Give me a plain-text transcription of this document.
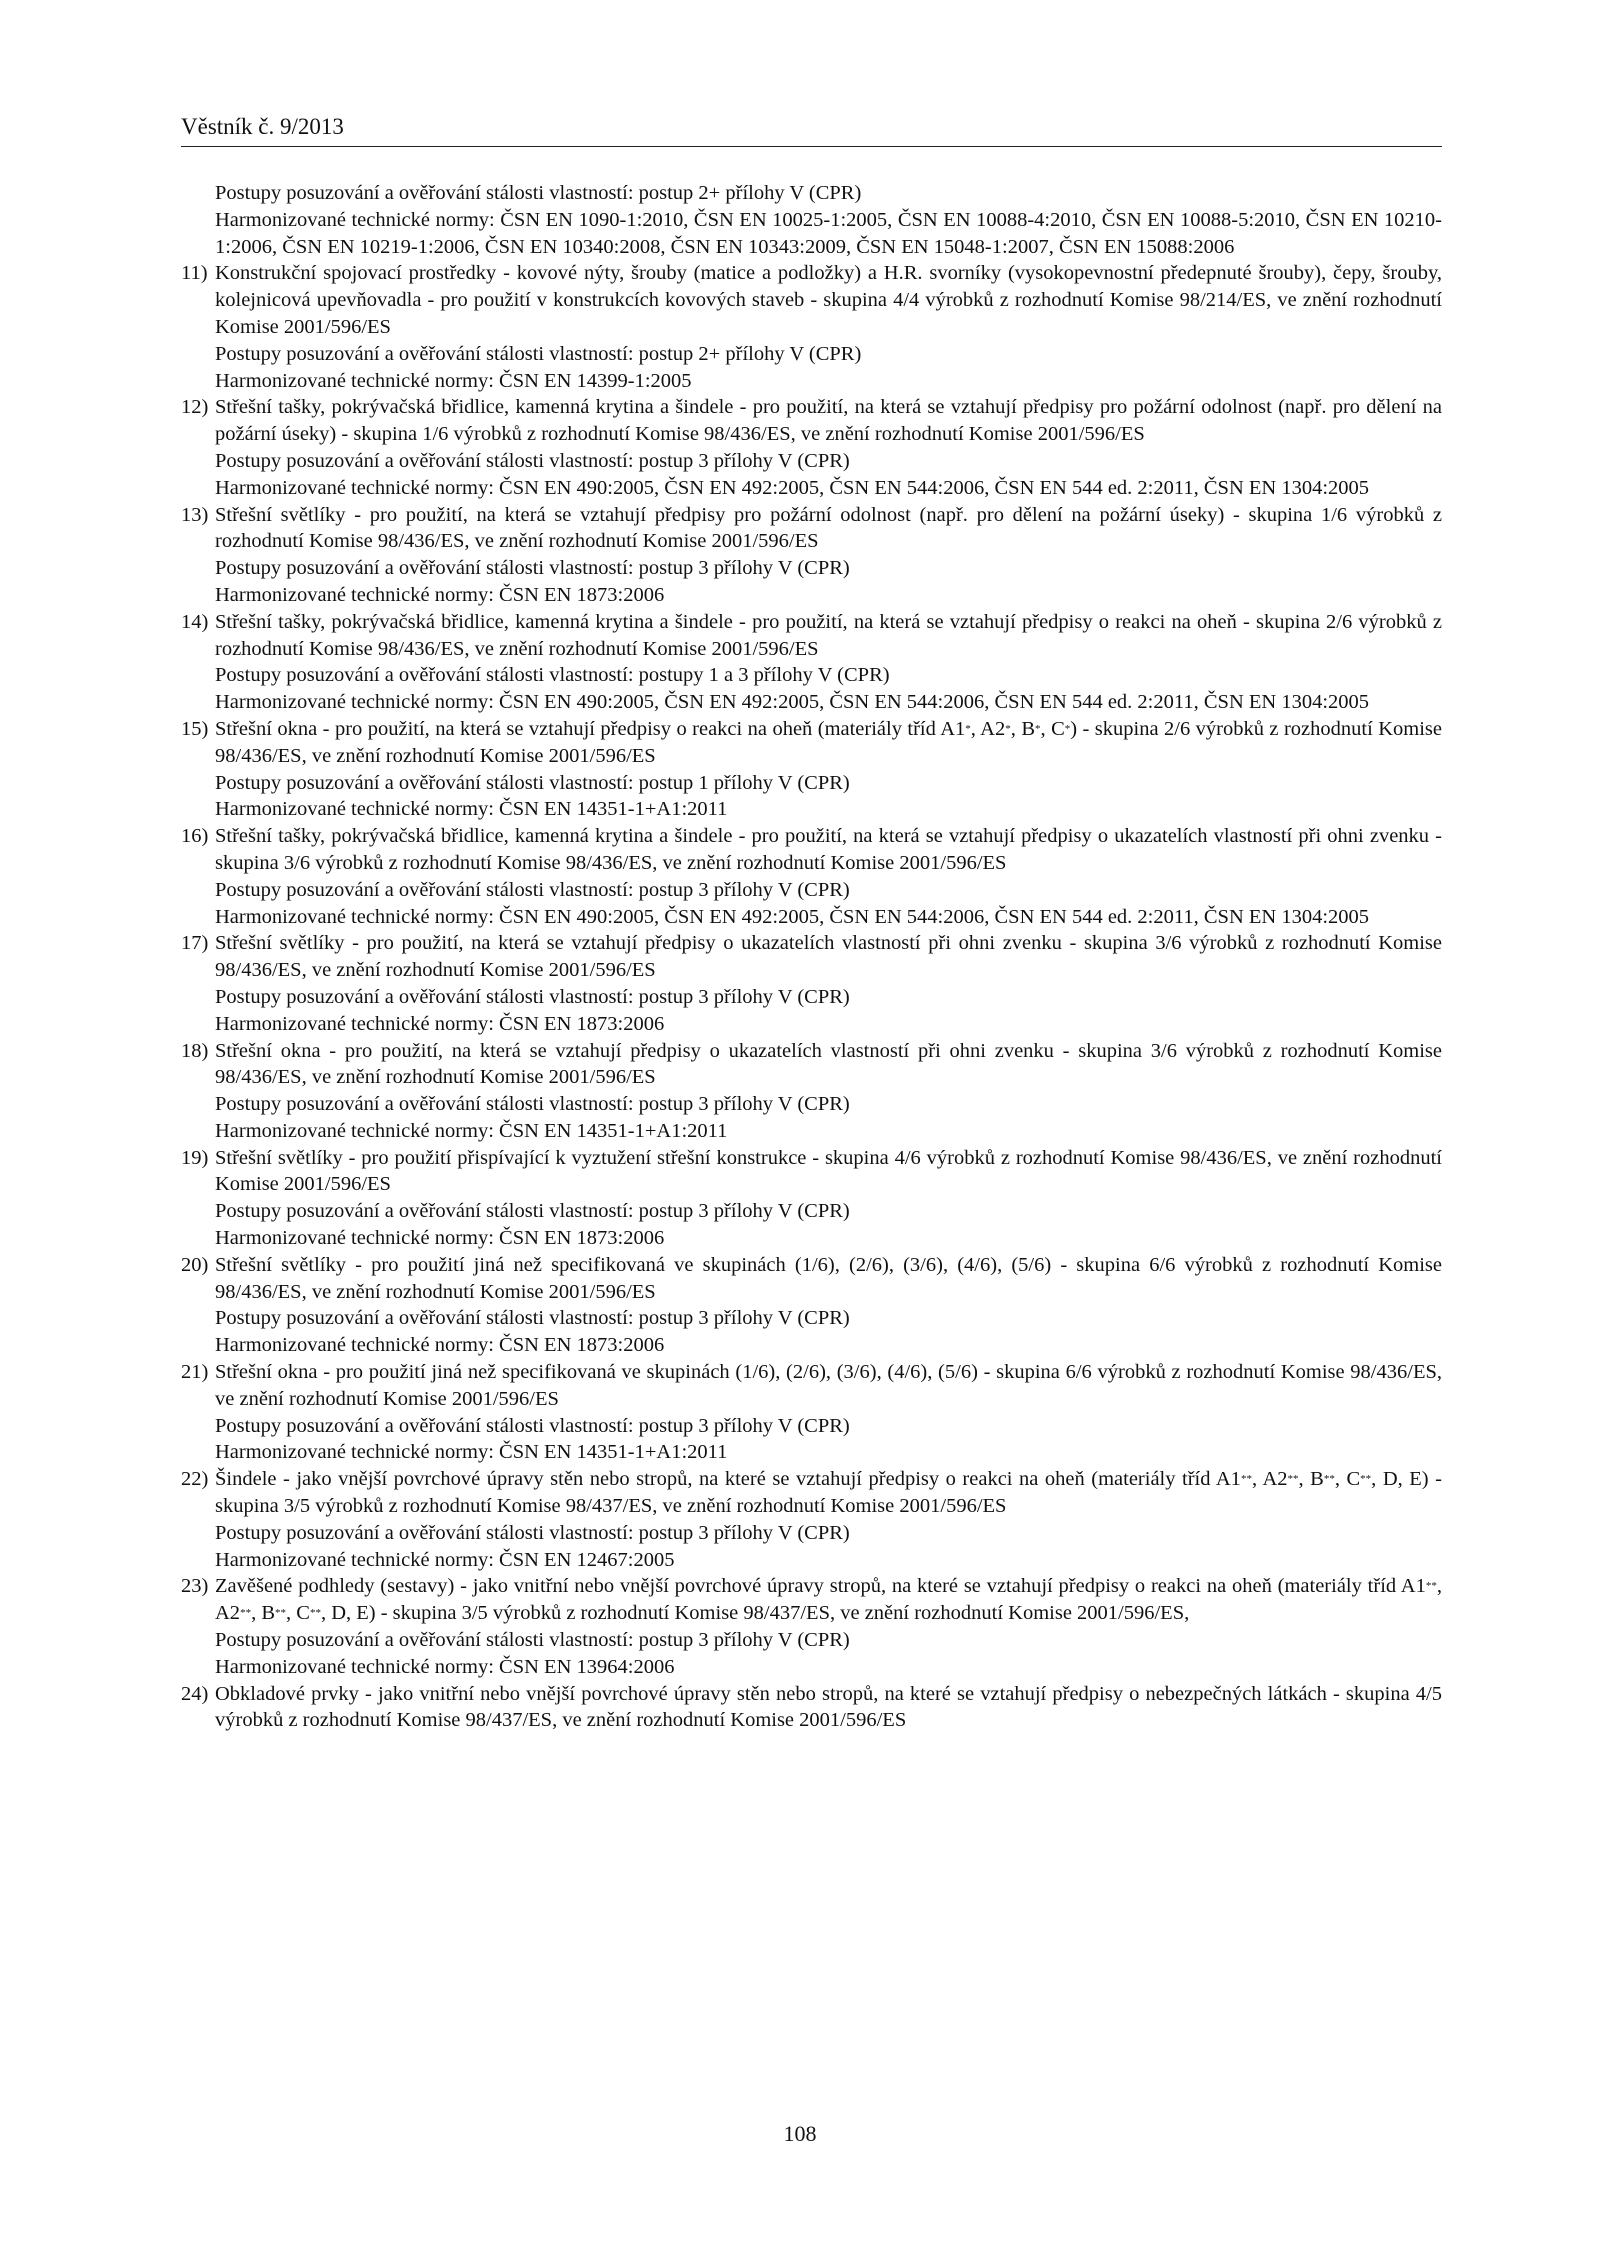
Věstník č. 9/2013
Postupy posuzování a ověřování stálosti vlastností: postup 2+ přílohy V (CPR)
Harmonizované technické normy: ČSN EN 1090-1:2010, ČSN EN 10025-1:2005, ČSN EN 10088-4:2010, ČSN EN 10088-5:2010, ČSN EN 10210-1:2006, ČSN EN 10219-1:2006, ČSN EN 10340:2008, ČSN EN 10343:2009, ČSN EN 15048-1:2007, ČSN EN 15088:2006
11) Konstrukční spojovací prostředky - kovové nýty, šrouby (matice a podložky) a H.R. svorníky (vysokopevnostní předepnuté šrouby), čepy, šrouby, kolejnicová upevňovadla - pro použití v konstrukcích kovových staveb - skupina 4/4 výrobků z rozhodnutí Komise 98/214/ES, ve znění rozhodnutí Komise 2001/596/ES
Postupy posuzování a ověřování stálosti vlastností: postup 2+ přílohy V (CPR)
Harmonizované technické normy: ČSN EN 14399-1:2005
12) Střešní tašky, pokrývačská břidlice, kamenná krytina a šindele - pro použití, na která se vztahují předpisy pro požární odolnost (např. pro dělení na požární úseky) - skupina 1/6 výrobků z rozhodnutí Komise 98/436/ES, ve znění rozhodnutí Komise 2001/596/ES
Postupy posuzování a ověřování stálosti vlastností: postup 3 přílohy V (CPR)
Harmonizované technické normy: ČSN EN 490:2005, ČSN EN 492:2005, ČSN EN 544:2006, ČSN EN 544 ed. 2:2011, ČSN EN 1304:2005
13) Střešní světlíky - pro použití, na která se vztahují předpisy pro požární odolnost (např. pro dělení na požární úseky) - skupina 1/6 výrobků z rozhodnutí Komise 98/436/ES, ve znění rozhodnutí Komise 2001/596/ES
Postupy posuzování a ověřování stálosti vlastností: postup 3 přílohy V (CPR)
Harmonizované technické normy: ČSN EN 1873:2006
14) Střešní tašky, pokrývačská břidlice, kamenná krytina a šindele - pro použití, na která se vztahují předpisy o reakci na oheň - skupina 2/6 výrobků z rozhodnutí Komise 98/436/ES, ve znění rozhodnutí Komise 2001/596/ES
Postupy posuzování a ověřování stálosti vlastností: postupy 1 a 3 přílohy V (CPR)
Harmonizované technické normy: ČSN EN 490:2005, ČSN EN 492:2005, ČSN EN 544:2006, ČSN EN 544 ed. 2:2011, ČSN EN 1304:2005
15) Střešní okna - pro použití, na která se vztahují předpisy o reakci na oheň (materiály tříd A1*, A2*, B*, C*) - skupina 2/6 výrobků z rozhodnutí Komise 98/436/ES, ve znění rozhodnutí Komise 2001/596/ES
Postupy posuzování a ověřování stálosti vlastností: postup 1 přílohy V (CPR)
Harmonizované technické normy: ČSN EN 14351-1+A1:2011
16) Střešní tašky, pokrývačská břidlice, kamenná krytina a šindele - pro použití, na která se vztahují předpisy o ukazatelích vlastností při ohni zvenku - skupina 3/6 výrobků z rozhodnutí Komise 98/436/ES, ve znění rozhodnutí Komise 2001/596/ES
Postupy posuzování a ověřování stálosti vlastností: postup 3 přílohy V (CPR)
Harmonizované technické normy: ČSN EN 490:2005, ČSN EN 492:2005, ČSN EN 544:2006, ČSN EN 544 ed. 2:2011, ČSN EN 1304:2005
17) Střešní světlíky - pro použití, na která se vztahují předpisy o ukazatelích vlastností při ohni zvenku - skupina 3/6 výrobků z rozhodnutí Komise 98/436/ES, ve znění rozhodnutí Komise 2001/596/ES
Postupy posuzování a ověřování stálosti vlastností: postup 3 přílohy V (CPR)
Harmonizované technické normy: ČSN EN 1873:2006
18) Střešní okna - pro použití, na která se vztahují předpisy o ukazatelích vlastností při ohni zvenku - skupina 3/6 výrobků z rozhodnutí Komise 98/436/ES, ve znění rozhodnutí Komise 2001/596/ES
Postupy posuzování a ověřování stálosti vlastností: postup 3 přílohy V (CPR)
Harmonizované technické normy: ČSN EN 14351-1+A1:2011
19) Střešní světlíky - pro použití přispívající k vyztužení střešní konstrukce - skupina 4/6 výrobků z rozhodnutí Komise 98/436/ES, ve znění rozhodnutí Komise 2001/596/ES
Postupy posuzování a ověřování stálosti vlastností: postup 3 přílohy V (CPR)
Harmonizované technické normy: ČSN EN 1873:2006
20) Střešní světlíky - pro použití jiná než specifikovaná ve skupinách (1/6), (2/6), (3/6), (4/6), (5/6) - skupina 6/6 výrobků z rozhodnutí Komise 98/436/ES, ve znění rozhodnutí Komise 2001/596/ES
Postupy posuzování a ověřování stálosti vlastností: postup 3 přílohy V (CPR)
Harmonizované technické normy: ČSN EN 1873:2006
21) Střešní okna - pro použití jiná než specifikovaná ve skupinách (1/6), (2/6), (3/6), (4/6), (5/6) - skupina 6/6 výrobků z rozhodnutí Komise 98/436/ES, ve znění rozhodnutí Komise 2001/596/ES
Postupy posuzování a ověřování stálosti vlastností: postup 3 přílohy V (CPR)
Harmonizované technické normy: ČSN EN 14351-1+A1:2011
22) Šindele - jako vnější povrchové úpravy stěn nebo stropů, na které se vztahují předpisy o reakci na oheň (materiály tříd A1**, A2**, B**, C**, D, E) - skupina 3/5 výrobků z rozhodnutí Komise 98/437/ES, ve znění rozhodnutí Komise 2001/596/ES
Postupy posuzování a ověřování stálosti vlastností: postup 3 přílohy V (CPR)
Harmonizované technické normy: ČSN EN 12467:2005
23) Zavěšené podhledy (sestavy) - jako vnitřní nebo vnější povrchové úpravy stropů, na které se vztahují předpisy o reakci na oheň (materiály tříd A1**, A2**, B**, C**, D, E) - skupina 3/5 výrobků z rozhodnutí Komise 98/437/ES, ve znění rozhodnutí Komise 2001/596/ES,
Postupy posuzování a ověřování stálosti vlastností: postup 3 přílohy V (CPR)
Harmonizované technické normy: ČSN EN 13964:2006
24) Obkladové prvky - jako vnitřní nebo vnější povrchové úpravy stěn nebo stropů, na které se vztahují předpisy o nebezpečných látkách - skupina 4/5 výrobků z rozhodnutí Komise 98/437/ES, ve znění rozhodnutí Komise 2001/596/ES
108
